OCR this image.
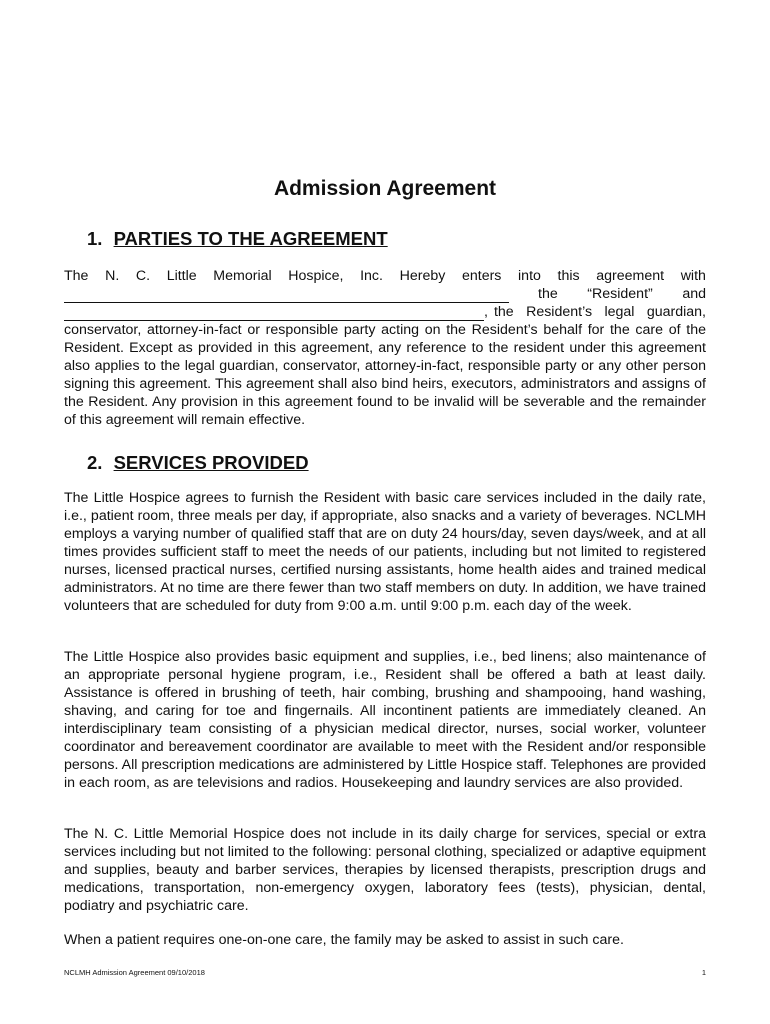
Admission Agreement
1. PARTIES TO THE AGREEMENT
The N. C. Little Memorial Hospice, Inc. Hereby enters into this agreement with
the “Resident” and
, the Resident’s legal guardian,
conservator, attorney-in-fact or responsible party acting on the Resident’s behalf for the care of the Resident. Except as provided in this agreement, any reference to the resident under this agreement also applies to the legal guardian, conservator, attorney-in-fact, responsible party or any other person signing this agreement. This agreement shall also bind heirs, executors, administrators and assigns of the Resident. Any provision in this agreement found to be invalid will be severable and the remainder of this agreement will remain effective.
2. SERVICES PROVIDED
The Little Hospice agrees to furnish the Resident with basic care services included in the daily rate, i.e., patient room, three meals per day, if appropriate, also snacks and a variety of beverages. NCLMH employs a varying number of qualified staff that are on duty 24 hours/day, seven days/week, and at all times provides sufficient staff to meet the needs of our patients, including but not limited to registered nurses, licensed practical nurses, certified nursing assistants, home health aides and trained medical administrators. At no time are there fewer than two staff members on duty. In addition, we have trained volunteers that are scheduled for duty from 9:00 a.m. until 9:00 p.m. each day of the week.
The Little Hospice also provides basic equipment and supplies, i.e., bed linens; also maintenance of an appropriate personal hygiene program, i.e., Resident shall be offered a bath at least daily. Assistance is offered in brushing of teeth, hair combing, brushing and shampooing, hand washing, shaving, and caring for toe and fingernails. All incontinent patients are immediately cleaned. An interdisciplinary team consisting of a physician medical director, nurses, social worker, volunteer coordinator and bereavement coordinator are available to meet with the Resident and/or responsible persons. All prescription medications are administered by Little Hospice staff. Telephones are provided in each room, as are televisions and radios. Housekeeping and laundry services are also provided.
The N. C. Little Memorial Hospice does not include in its daily charge for services, special or extra services including but not limited to the following: personal clothing, specialized or adaptive equipment and supplies, beauty and barber services, therapies by licensed therapists, prescription drugs and medications, transportation, non-emergency oxygen, laboratory fees (tests), physician, dental, podiatry and psychiatric care.
When a patient requires one-on-one care, the family may be asked to assist in such care.
NCLMH Admission Agreement 09/10/2018	1
